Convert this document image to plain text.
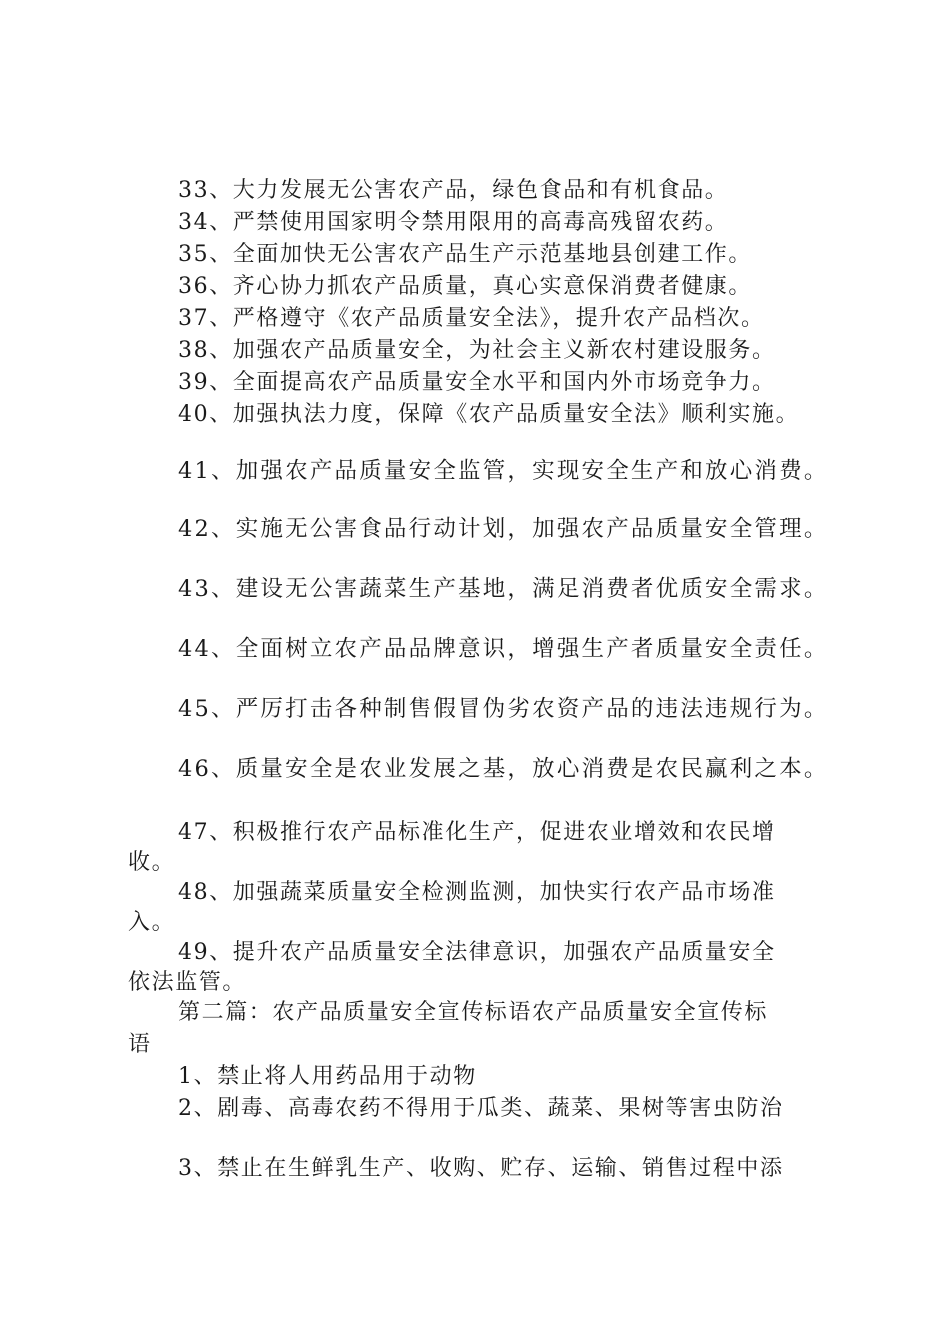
33、大力发展无公害农产品，绿色食品和有机食品。
34、严禁使用国家明令禁用限用的高毒高残留农药。
35、全面加快无公害农产品生产示范基地县创建工作。
36、齐心协力抓农产品质量，真心实意保消费者健康。
37、严格遵守《农产品质量安全法》，提升农产品档次。
38、加强农产品质量安全，为社会主义新农村建设服务。
39、全面提高农产品质量安全水平和国内外市场竞争力。
40、加强执法力度，保障《农产品质量安全法》顺利实施。
41、加强农产品质量安全监管，实现安全生产和放心消费。
42、实施无公害食品行动计划，加强农产品质量安全管理。
43、建设无公害蔬菜生产基地，满足消费者优质安全需求。
44、全面树立农产品品牌意识，增强生产者质量安全责任。
45、严厉打击各种制售假冒伪劣农资产品的违法违规行为。
46、质量安全是农业发展之基，放心消费是农民赢利之本。
47、积极推行农产品标准化生产，促进农业增效和农民增
收。
48、加强蔬菜质量安全检测监测，加快实行农产品市场准
入。
49、提升农产品质量安全法律意识，加强农产品质量安全
依法监管。
第二篇：农产品质量安全宣传标语农产品质量安全宣传标
语
1、禁止将人用药品用于动物
2、剧毒、高毒农药不得用于瓜类、蔬菜、果树等害虫防治
3、禁止在生鲜乳生产、收购、贮存、运输、销售过程中添
